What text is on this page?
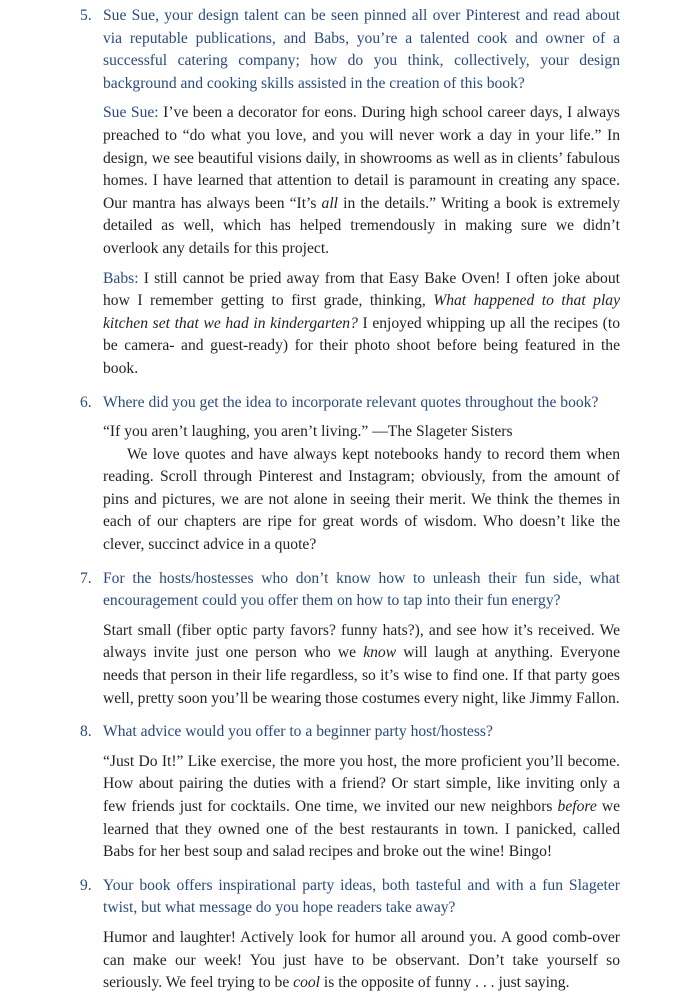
5. Sue Sue, your design talent can be seen pinned all over Pinterest and read about via reputable publications, and Babs, you’re a talented cook and owner of a successful catering company; how do you think, collectively, your design background and cooking skills assisted in the creation of this book?

Sue Sue: I’ve been a decorator for eons. During high school career days, I always preached to “do what you love, and you will never work a day in your life.” In design, we see beautiful visions daily, in showrooms as well as in clients’ fabulous homes. I have learned that attention to detail is paramount in creating any space. Our mantra has always been “It’s all in the details.” Writing a book is extremely detailed as well, which has helped tremendously in making sure we didn’t overlook any details for this project.

Babs: I still cannot be pried away from that Easy Bake Oven! I often joke about how I remember getting to first grade, thinking, What happened to that play kitchen set that we had in kindergarten? I enjoyed whipping up all the recipes (to be camera- and guest-ready) for their photo shoot before being featured in the book.

6. Where did you get the idea to incorporate relevant quotes throughout the book?

“If you aren’t laughing, you aren’t living.” —The Slageter Sisters

We love quotes and have always kept notebooks handy to record them when reading. Scroll through Pinterest and Instagram; obviously, from the amount of pins and pictures, we are not alone in seeing their merit. We think the themes in each of our chapters are ripe for great words of wisdom. Who doesn’t like the clever, succinct advice in a quote?

7. For the hosts/hostesses who don’t know how to unleash their fun side, what encouragement could you offer them on how to tap into their fun energy?

Start small (fiber optic party favors? funny hats?), and see how it’s received. We always invite just one person who we know will laugh at anything. Everyone needs that person in their life regardless, so it’s wise to find one. If that party goes well, pretty soon you’ll be wearing those costumes every night, like Jimmy Fallon.

8. What advice would you offer to a beginner party host/hostess?

“Just Do It!” Like exercise, the more you host, the more proficient you’ll become. How about pairing the duties with a friend? Or start simple, like inviting only a few friends just for cocktails. One time, we invited our new neighbors before we learned that they owned one of the best restaurants in town. I panicked, called Babs for her best soup and salad recipes and broke out the wine! Bingo!

9. Your book offers inspirational party ideas, both tasteful and with a fun Slageter twist, but what message do you hope readers take away?

Humor and laughter! Actively look for humor all around you. A good comb-over can make our week! You just have to be observant. Don’t take yourself so seriously. We feel trying to be cool is the opposite of funny . . . just saying.
